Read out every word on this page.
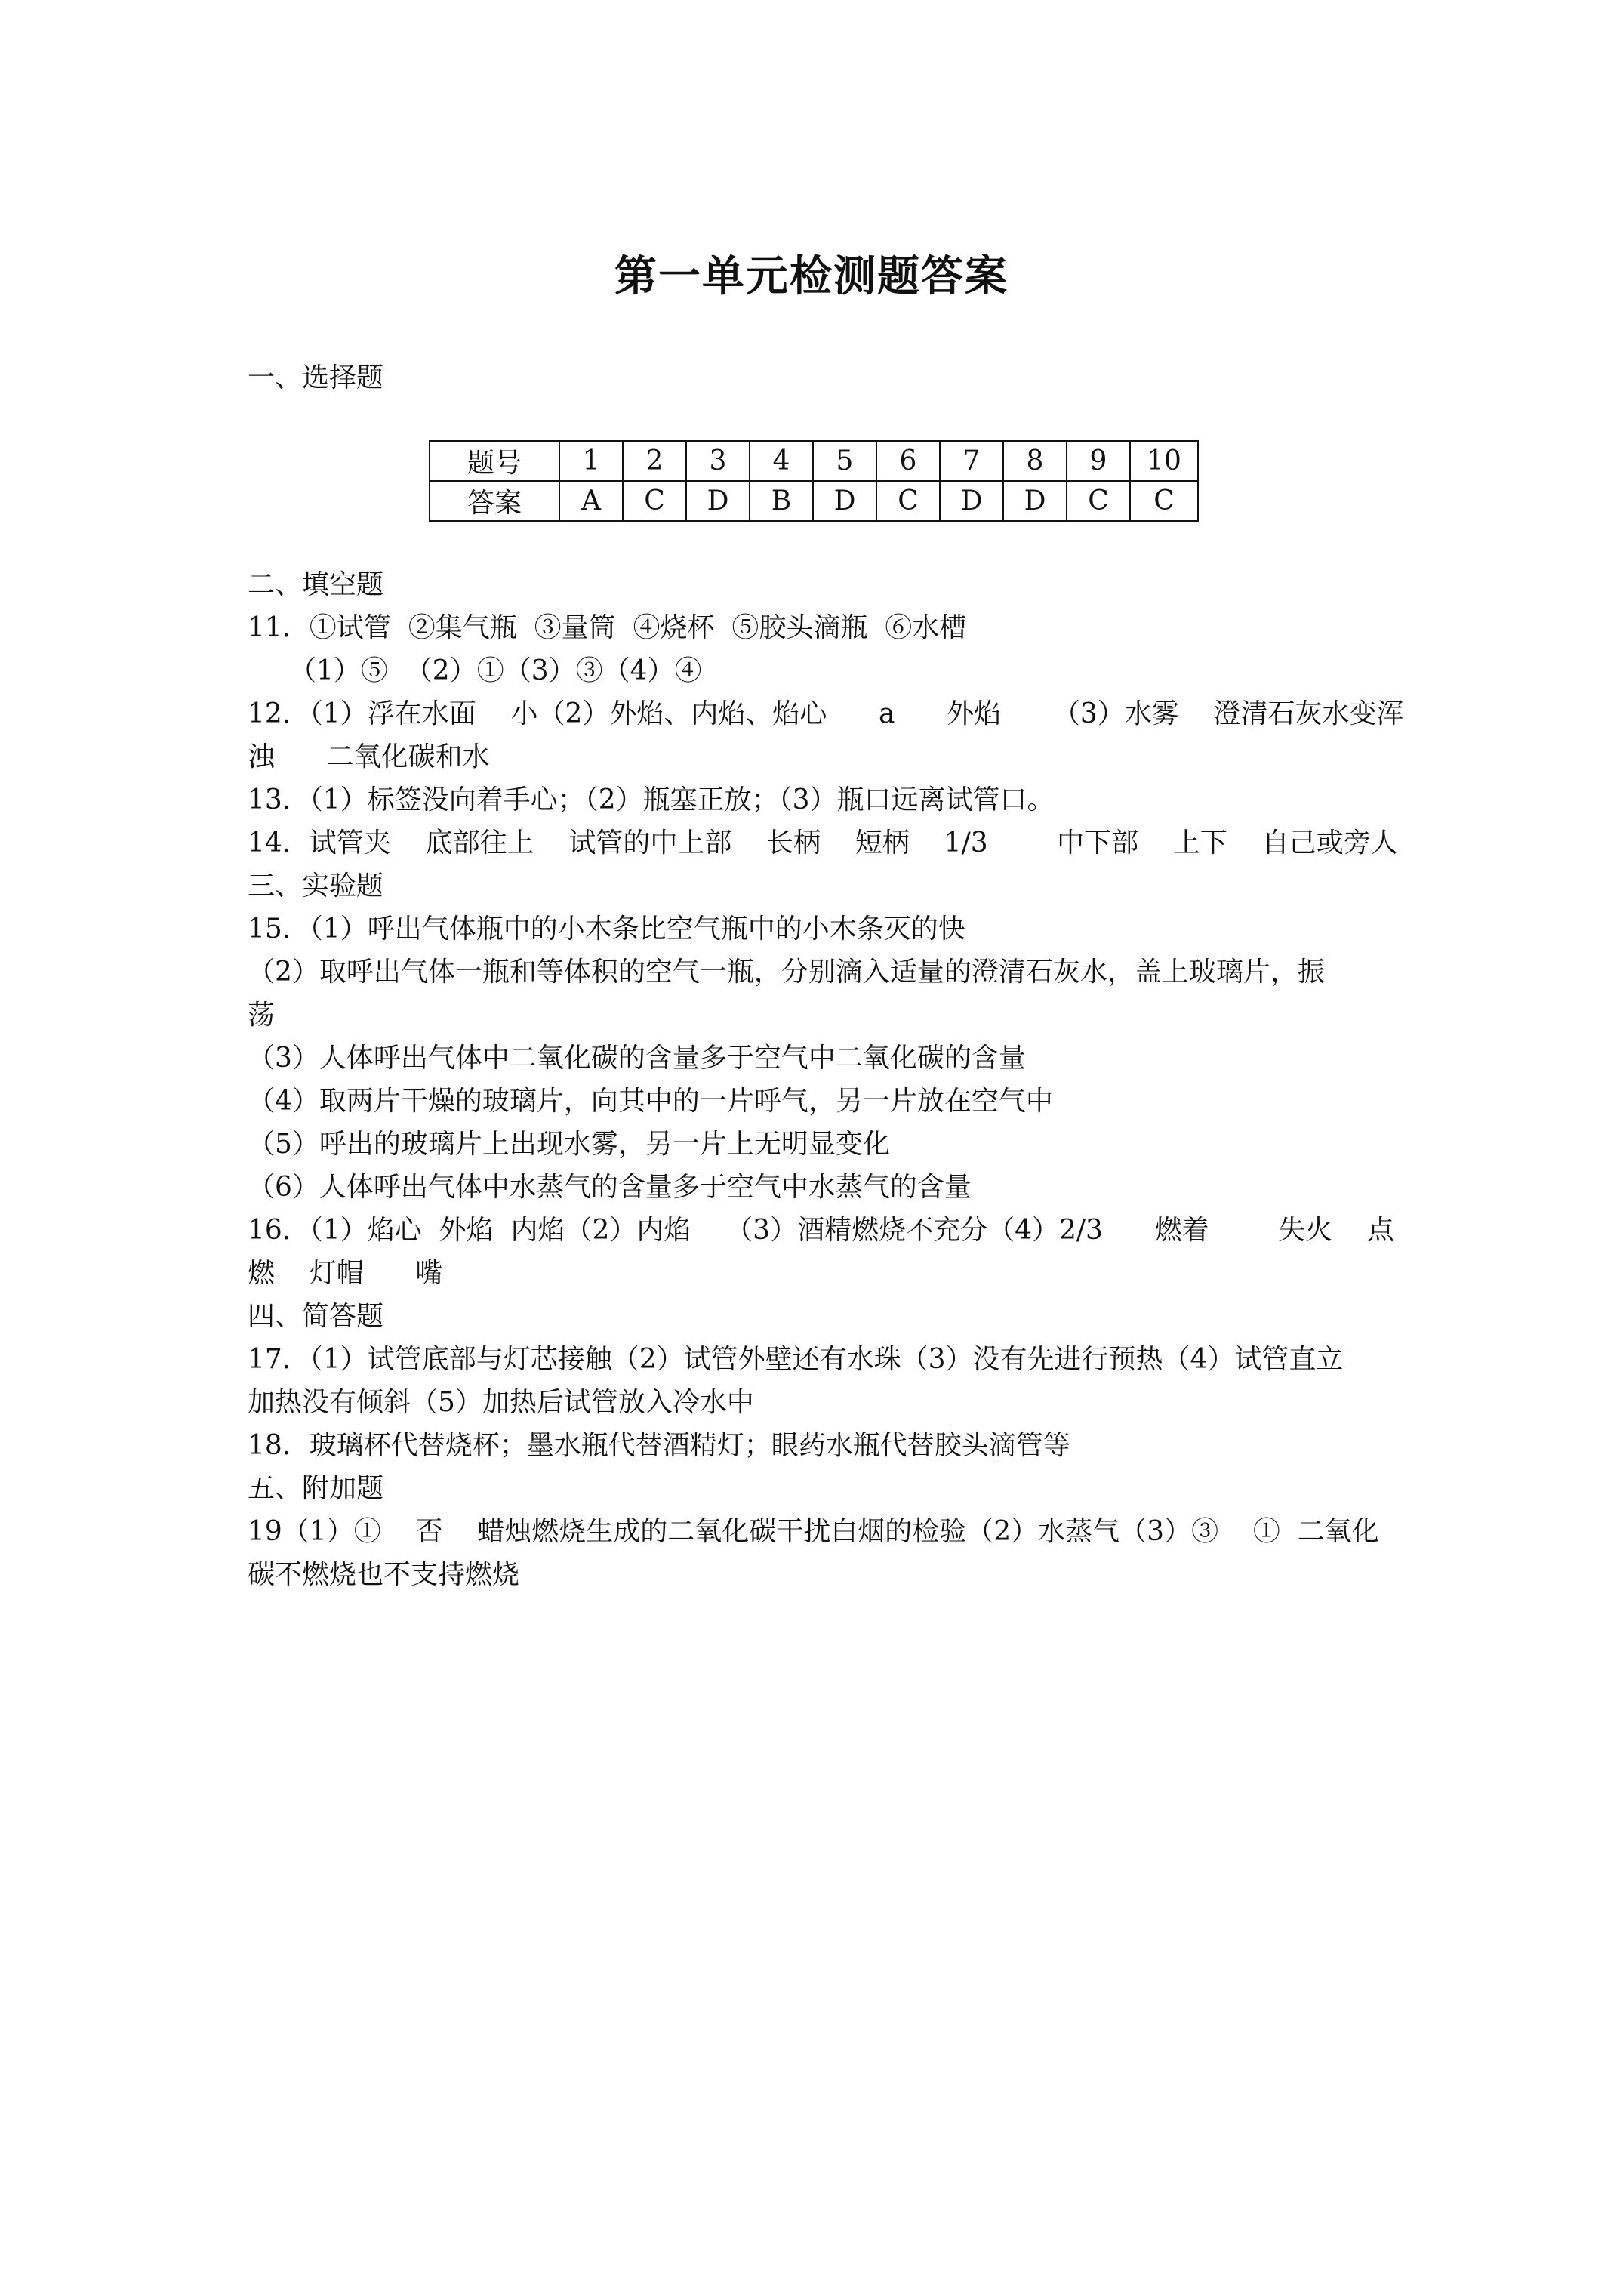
第一单元检测题答案
一、选择题
题号	1	2	3	4	5	6	7	8	9	10
答案	A	C	D	B	D	C	D	D	C	C
二、填空题
11．①试管  ②集气瓶  ③量筒  ④烧杯  ⑤胶头滴瓶  ⑥水槽
（1）⑤  （2）①（3）③（4）④
12．（1）浮在水面    小（2）外焰、内焰、焰心      a      外焰      （3）水雾    澄清石灰水变浑
浊      二氧化碳和水
13．（1）标签没向着手心；（2）瓶塞正放；（3）瓶口远离试管口。
14．试管夹    底部往上    试管的中上部    长柄    短柄    1/3        中下部    上下    自己或旁人
三、实验题
15．（1）呼出气体瓶中的小木条比空气瓶中的小木条灭的快
（2）取呼出气体一瓶和等体积的空气一瓶，分别滴入适量的澄清石灰水，盖上玻璃片，振
荡
（3）人体呼出气体中二氧化碳的含量多于空气中二氧化碳的含量
（4）取两片干燥的玻璃片，向其中的一片呼气，另一片放在空气中
（5）呼出的玻璃片上出现水雾，另一片上无明显变化
（6）人体呼出气体中水蒸气的含量多于空气中水蒸气的含量
16．（1）焰心  外焰  内焰（2）内焰    （3）酒精燃烧不充分（4）2/3      燃着        失火    点
燃    灯帽      嘴
四、简答题
17．（1）试管底部与灯芯接触（2）试管外壁还有水珠（3）没有先进行预热（4）试管直立
加热没有倾斜（5）加热后试管放入冷水中
18．玻璃杯代替烧杯；墨水瓶代替酒精灯；眼药水瓶代替胶头滴管等
五、附加题
19（1）①    否    蜡烛燃烧生成的二氧化碳干扰白烟的检验（2）水蒸气（3）③    ①  二氧化
碳不燃烧也不支持燃烧
